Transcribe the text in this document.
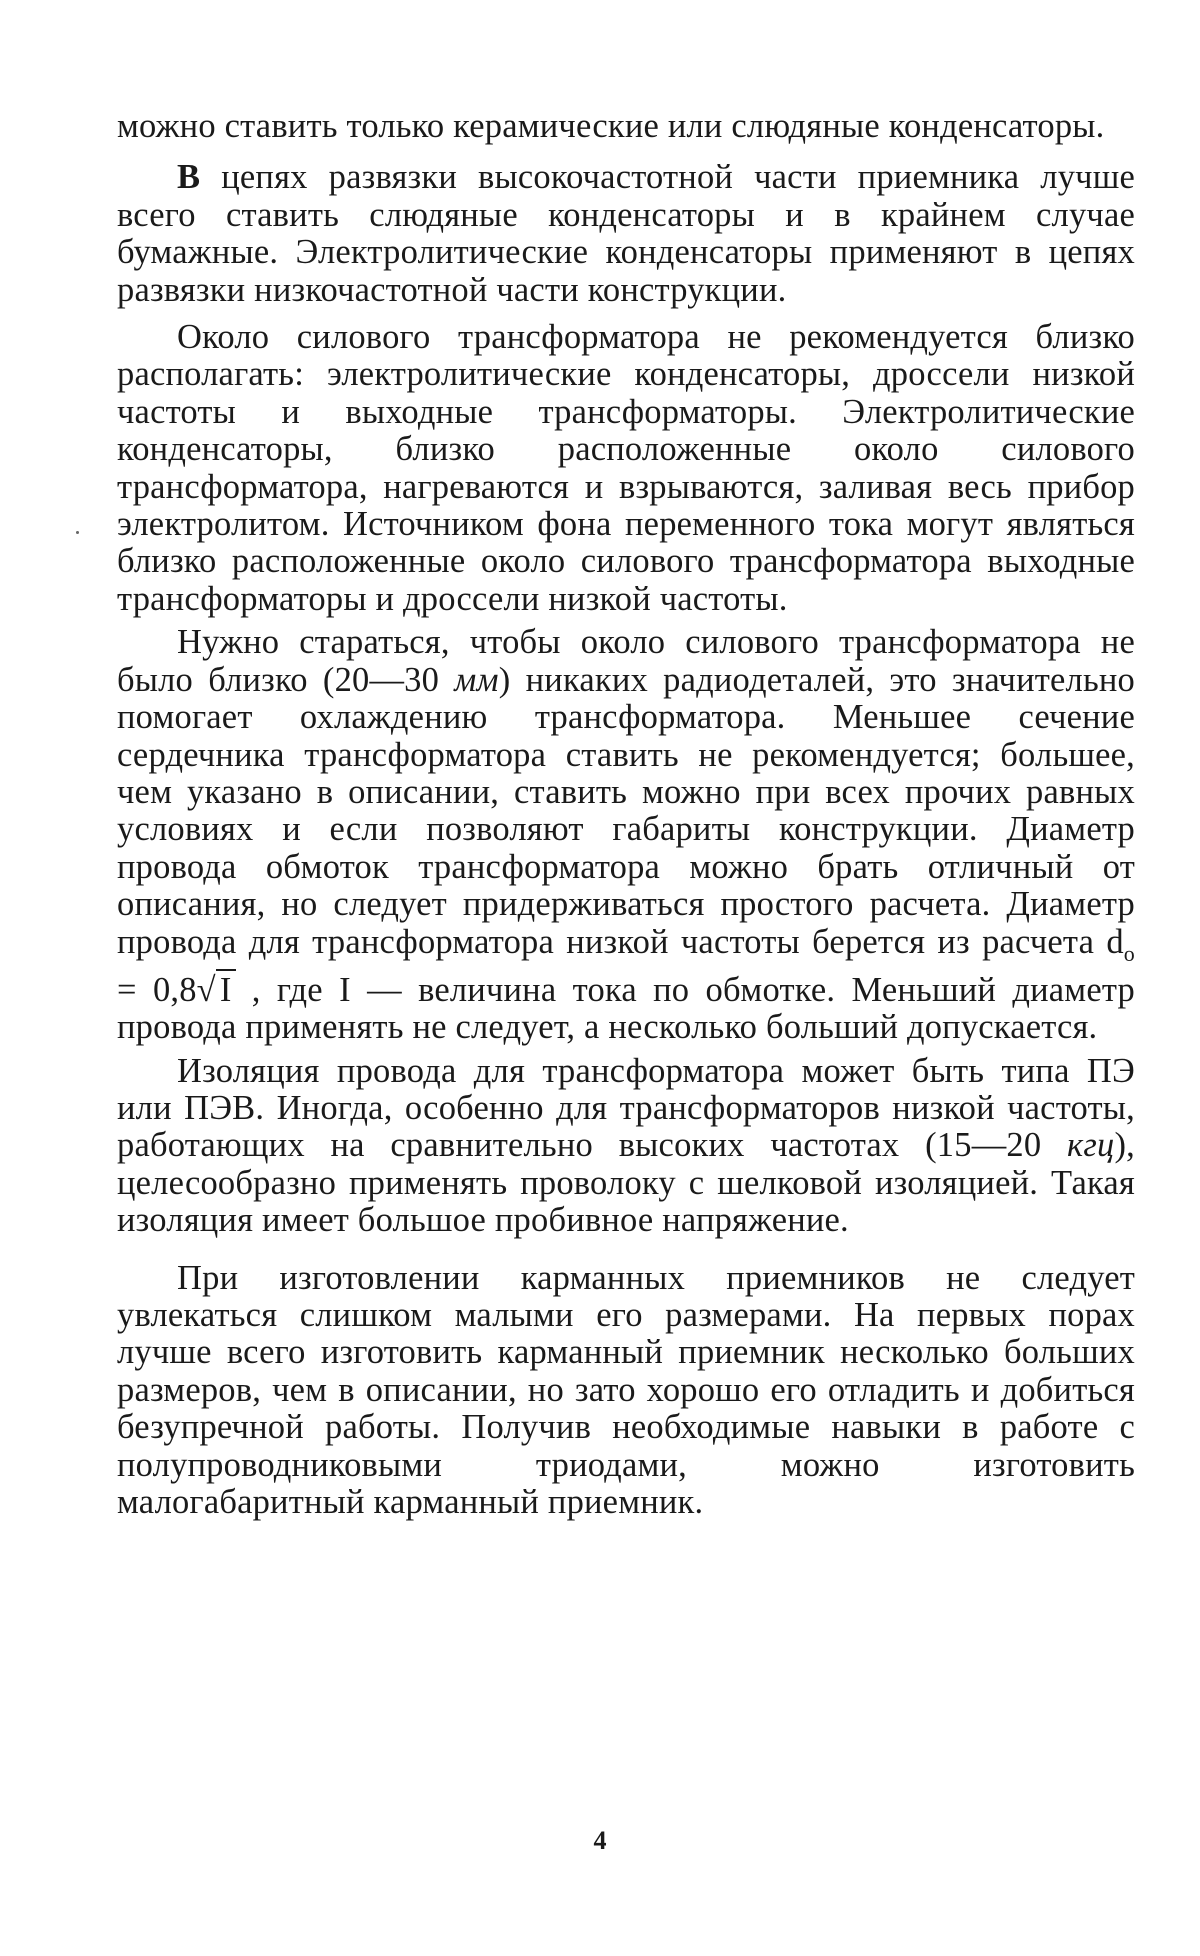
можно ставить только керамические или слюдяные конденсаторы.

В цепях развязки высокочастотной части приемника лучше всего ставить слюдяные конденсаторы и в крайнем случае бумажные. Электролитические конденсаторы применяют в цепях развязки низкочастотной части конструкции.

Около силового трансформатора не рекомендуется близко располагать: электролитические конденсаторы, дроссели низкой частоты и выходные трансформаторы. Электролитические конденсаторы, близко расположенные около силового трансформатора, нагреваются и взрываются, заливая весь прибор электролитом. Источником фона переменного тока могут являться близко расположенные около силового трансформатора выходные трансформаторы и дроссели низкой частоты.

Нужно стараться, чтобы около силового трансформатора не было близко (20—30 мм) никаких радиодеталей, это значительно помогает охлаждению трансформатора. Меньшее сечение сердечника трансформатора ставить не рекомендуется; большее, чем указано в описании, ставить можно при всех прочих равных условиях и если позволяют габариты конструкции. Диаметр провода обмоток трансформатора можно брать отличный от описания, но следует придерживаться простого расчета. Диаметр провода для трансформатора низкой частоты берется из расчета $d_o = 0,8√$ I , где I — величина тока по обмотке. Меньший диаметр провода применять не следует, а несколько больший допускается.

Изоляция провода для трансформатора может быть типа ПЭ или ПЭВ. Иногда, особенно для трансформаторов низкой частоты, работающих на сравнительно высоких частотах (15—20 кгц), целесообразно применять проволоку с шелковой изоляцией. Такая изоляция имеет большое пробивное напряжение.

При изготовлении карманных приемников не следует увлекаться слишком малыми его размерами. На первых порах лучше всего изготовить карманный приемник несколько больших размеров, чем в описании, но зато хорошо его отладить и добиться безупречной работы. Получив необходимые навыки в работе с полупроводниковыми триодами, можно изготовить малогабаритный карманный приемник.

4
